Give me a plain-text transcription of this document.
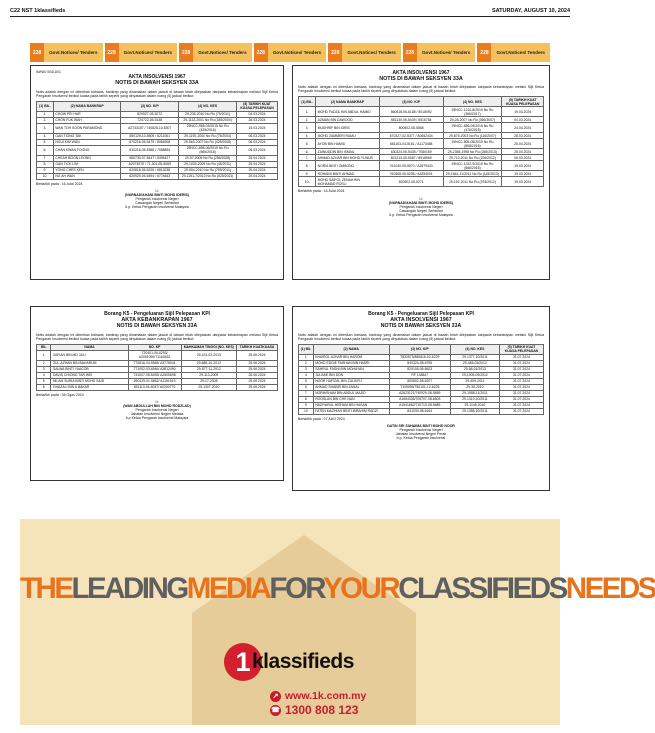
C22 NST 1klassifieds	SATURDAY, AUGUST 10, 2024
228	Govt.Notices/ Tenders	228	Govt.Notices/ Tenders	228	Govt.Notices/ Tenders	228	Govt.Notices/ Tenders	228	Govt.Notices/ Tenders	228	Govt.Notices/ Tenders	228	Govt.Notices/ Tenders
IN/NS/ 004/10/1
AKTA INSOLVENSI 1967
NOTIS DI BAWAH SEKSYEN 33A

Notis adalah dengan ini diberikan bahawa, bankrap yang dinamakan dalam jadual di bawah telah dilepaskan daripada kebankrapan melalui Sijil Ketua Pengarah Insolvensi berikut kuasa pada tarikh seperti yang dinyatakan dalam ruang (5) jadual berikut:

(1) BIL.	(2) NAMA BANKRAP	(3) NO. K/P	(4) NO. KES	(5) TARIKH KUAT KUASA PELEPASAN
1.	CHOW PEI HAR	820527-05-5272	29-235-2010 No Ru (75/2011)	04.03.2024
2.	CHON FUK WAH	720722-05-5148	29-1112-2001 No Ru (185/2004)	28.03.2024
3.	WAN TOH SOON PARAMOND	A2733157 / 740825-10-5307	29NCC-965-03/2015 No Ru (425/2016)	15.03.2024
4.	GAN TIONG TAK	550129-10-5505 / 6211061	29-1190-2000 No Ru (75/2004)	06.03.2024
5.	NGUI KIM WAN	570216-05-5479 / 8064908	29-563-2007 No Ru (425/2008)	06.03.2024
6.	CHAN KWAN FOONG	610216-05-5368 / 7088894	29NCC-898-06/2015 No Ru (665/2016)	06.03.2024
7.	CHEAH BOON LEONG	580730-07-5447 / 5495427	29-57-2006 No Ru (255/2008)	25.04.2024
8.	GAN TICK LIM	A2074570 / 71.301-05-5069	29-1033-2009 No Ru (45/2011)	25.04.2024
9.	YONG CHEE KEN	620818-05-5225 / 6813238	29-504-2010 No Ru (755/2011)	25.04.2024
10.	NG AH WAN	620929-05-5494 / 6774843	29-1151-7/2013 No Ru (625/2021)	25.04.2024
Bertarikh pada : 16 Julai 2024
t.t
(NURNADIAHANI BINTI MOHD IDERIS)
Pengarah Insolvensi Negeri
Cawangan Negeri Sembilan
b.p. Ketua Pengarah Insolvensi Malaysia
AKTA INSOLVENSI 1967
NOTIS DI BAWAH SEKSYEN 33A

Notis adalah dengan ini diberikan bahawa, bankrap yang dinamakan dalam jadual di bawah telah dilepaskan daripada kebankrapan melalui Sijil Ketua Pengarah Insolvensi berikut kuasa pada tarikh seperti yang dinyatakan dalam ruang (5) jadual berikut:

(1) BIL.	(2) NAMA BANKRAP	(3) NO. K/P	(4) NO. KES	(5) TARIKH KUAT KUASA PELEPASAN
1.	MOHD FADZIL BIN ABDUL HAMID	560516-06-6185 / 5018092	29NCC-1210-8/2015 No Ru (366/2017)	19.03.2024
2.	AZMAN BIN DAWOOD	581130-05-5439 / 5516784	29-28-2007 No Ru (366/2007)	04.03.2024
3.	MUSHRIF BIN IDRIS	800502-08-5565	29NCC-656-04/2015 No Ru (476/2015)	24.04.2024
4.	MOHD ZAMMERI RAMLI	870327-02-5377 / A0652434	29-875-2003 No Ru (116/2007)	28.03.2024
5.	AYOB BIN HAMID	681103-04-5161 / A1173458	29NCC-805-05/2015 No Ru (808/2016)	25.04.2024
6.	ZAINUDDIN BIN ISMAIL	630324-05-5435 / 7080159	29-2355-1998 No Ru (255/2013)	25.04.2024
7.	AHMAD AZHAR BIN MOHD YUNUS	821213-05-5087 / 8918969	29-713-2011 No Ru (226/2012)	06.03.2024
8.	NORIA BINTI OMBONG	761030-05-5570 / A2879433	29NCC-1312-9/2015 No Ru (666/2016)	15.03.2024
9.	ROHAINI BINTI AHMAD	760308-05-5238 / A3254001	29-1661-11/2011 No Ru (116/2013)	19.03.2024
10.	MOHD SAIFOL ZENAH BIN MOHAMAD ROSLI	820502-05-5271	29-192-2011 No Ru (376/2012)	19.03.2024
Bertarikh pada : 16 Julai 2024
t.t
(NURNADIAHANI BINTI MOHD IDERIS)
Pengarah Insolvensi Negeri
Cawangan Negeri Sembilan
b.p. Ketua Pengarah Insolvensi Malaysia
Borang K5 - Pengeluaran Sijil Pelepasan KPI
AKTA KEBANKRAPAN 1967
NOTIS DI BAWAH SEKSYEN 33A

Notis adalah dengan ini diberikan bahawa, bankrap yang dinamakan dalam jadual di bawah telah dilepaskan daripada kebankrapan melalui Sijil Ketua Pengarah Insolvensi berikut kuasa pada tarikh seperti yang dinyatakan dalam ruang (5) jadual berikut:

BIL	NAMA	NO. KP	MAHKAMAH TINGGI (NO. KES)	TARIKH KUATKUASA
1	ZAFIAN BIN MD JALI	720401-06-6293/ A2051059/T1163432	29-131-02-2013	25.06.2024
2	ZUL-AZHAN BIN BAHARUM	770816-04-5565/ A3778041	29-685-10-2012	25.06.2024
3	SALWA BINTI YAACOB	771002-03-6946/ A3812490	29-877-11-2012	25.06.2024
4	DAVID CHIONG TAR WEI	731007-05-5493/ A2505698	29-113-2009	25.06.2024
5	NILAM SURIA BINTI MOHD SAID	690129-01-5862/ A1151519	29-17-2008	25.06.2024
6	GHAZALI BIN A BAKAR	651113-04-5037/ A0200770	29-1307-2010	25.06.2024
Bertarikh pada : 05 Ogos 2024
t.t
(WAN ABDULLAH BIN MOHD RODZLAD)
Pengarah Insolvensi Negeri
Jabatan Insolvensi Negeri Melaka
b.p Ketua Pengarah Insolvensi Malaysia
Borang K5 - Pengeluaran Sijil Pelepasan KPI
AKTA INSOLVENSI 1967
NOTIS DI BAWAH SEKSYEN 33A

Notis adalah dengan ini diberikan bahawa, bankrap yang dinamakan dalam jadual di bawah telah dilepaskan daripada kebankrapan melalui Sijil Ketua Pengarah Insolvensi berikut kuasa pada tarikh seperti yang dinyatakan dalam ruang (5) jadual berikut:

(1) BIL	(2) NAMA	(3) NO. K/P	(4) NO. KES	(5) TARIKH KUAT KUASA PELEPASAN
1	KHAIROL AZHAR BIN HAROM	T832573/850816-02-5229	29-1377-10/2011	31.07.2024
2	MOHD EDDIE FARHAN BIN HASRI	840324-08-6755	29-486-03/2012	31.07.2024
3	SAHRUL FASHI BIN MOHAYAN	820105-05-5623	29-58-01/2013	31.07.2024
4	JULIMIE BIN DON	RF 148847	29-1909-09/2012	31.07.2024
5	NOOR HAFIZAL BIN ZULKIFLI	800802-08-5207	29-409-2011	31.07.2024
6	AHMAD SHABIR BIN JAMAL	T109095/750101-12-6225	29-30-2010	31.07.2024
7	NORHISHAM BIN ABDUL MAJID	A2623121/740929-08-5659	29-1958-11/2011	31.07.2024
8	ROOSLAN BIN CHE NAN	A1654335/700707-08-6503	29-1319-10/2011	31.07.2024
9	HAZIYARUL HISHAM BIN HASAN	A1941662/710713-08-5689	29-1149-2010	31.07.2024
10	FATEN MAZHIAH BINTI IBRAHIM RADZI	841030-08-6164	29-1358-10/2011	31.07.2024
Bertarikh pada : 07 AUG 2024
DATIN SRI SUHAIMA BINTI MOHD NOOR
Pengarah Insolvensi Negeri
Jabatan Insolvensi Negeri Perak
b.p. Ketua Pengarah Insolvensi
THELEADINGMEDIAFORYOURCLASSIFIEDSNEEDS
1 klassifieds
↗ www.1k.com.my
☎ 1300 808 123
